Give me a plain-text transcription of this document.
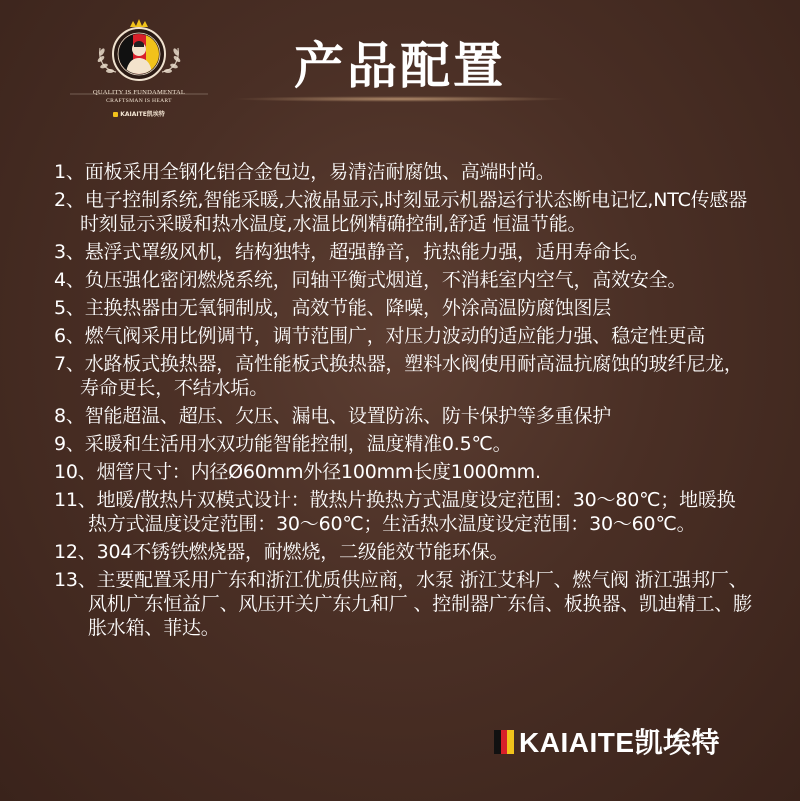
QUALITY IS FUNDAMENTAL
CRAFTSMAN IS HEART
KAIAITE凯埃特
产品配置
1、面板采用全钢化铝合金包边，易清洁耐腐蚀、高端时尚。
2、电子控制系统,智能采暖,大液晶显示,时刻显示机器运行状态断电记忆,NTC传感器时刻显示采暖和热水温度,水温比例精确控制,舒适 恒温节能。
3、悬浮式罩级风机，结构独特，超强静音，抗热能力强，适用寿命长。
4、负压强化密闭燃烧系统，同轴平衡式烟道，不消耗室内空气，高效安全。
5、主换热器由无氧铜制成，高效节能、降噪，外涂高温防腐蚀图层
6、燃气阀采用比例调节，调节范围广，对压力波动的适应能力强、稳定性更高
7、水路板式换热器，高性能板式换热器，塑料水阀使用耐高温抗腐蚀的玻纤尼龙，寿命更长，不结水垢。
8、智能超温、超压、欠压、漏电、设置防冻、防卡保护等多重保护
9、采暖和生活用水双功能智能控制，温度精准0.5℃。
10、烟管尺寸：内径Ø60mm外径100mm长度1000mm.
11、地暖/散热片双模式设计：散热片换热方式温度设定范围：30～80℃；地暖换热方式温度设定范围：30～60℃；生活热水温度设定范围：30～60℃。
12、304不锈铁燃烧器，耐燃烧，二级能效节能环保。
13、主要配置采用广东和浙江优质供应商，水泵 浙江艾科厂、燃气阀 浙江强邦厂、风机广东恒益厂、风压开关广东九和厂 、控制器广东信、板换器、凯迪精工、膨胀水箱、菲达。
KAIAITE凯埃特
